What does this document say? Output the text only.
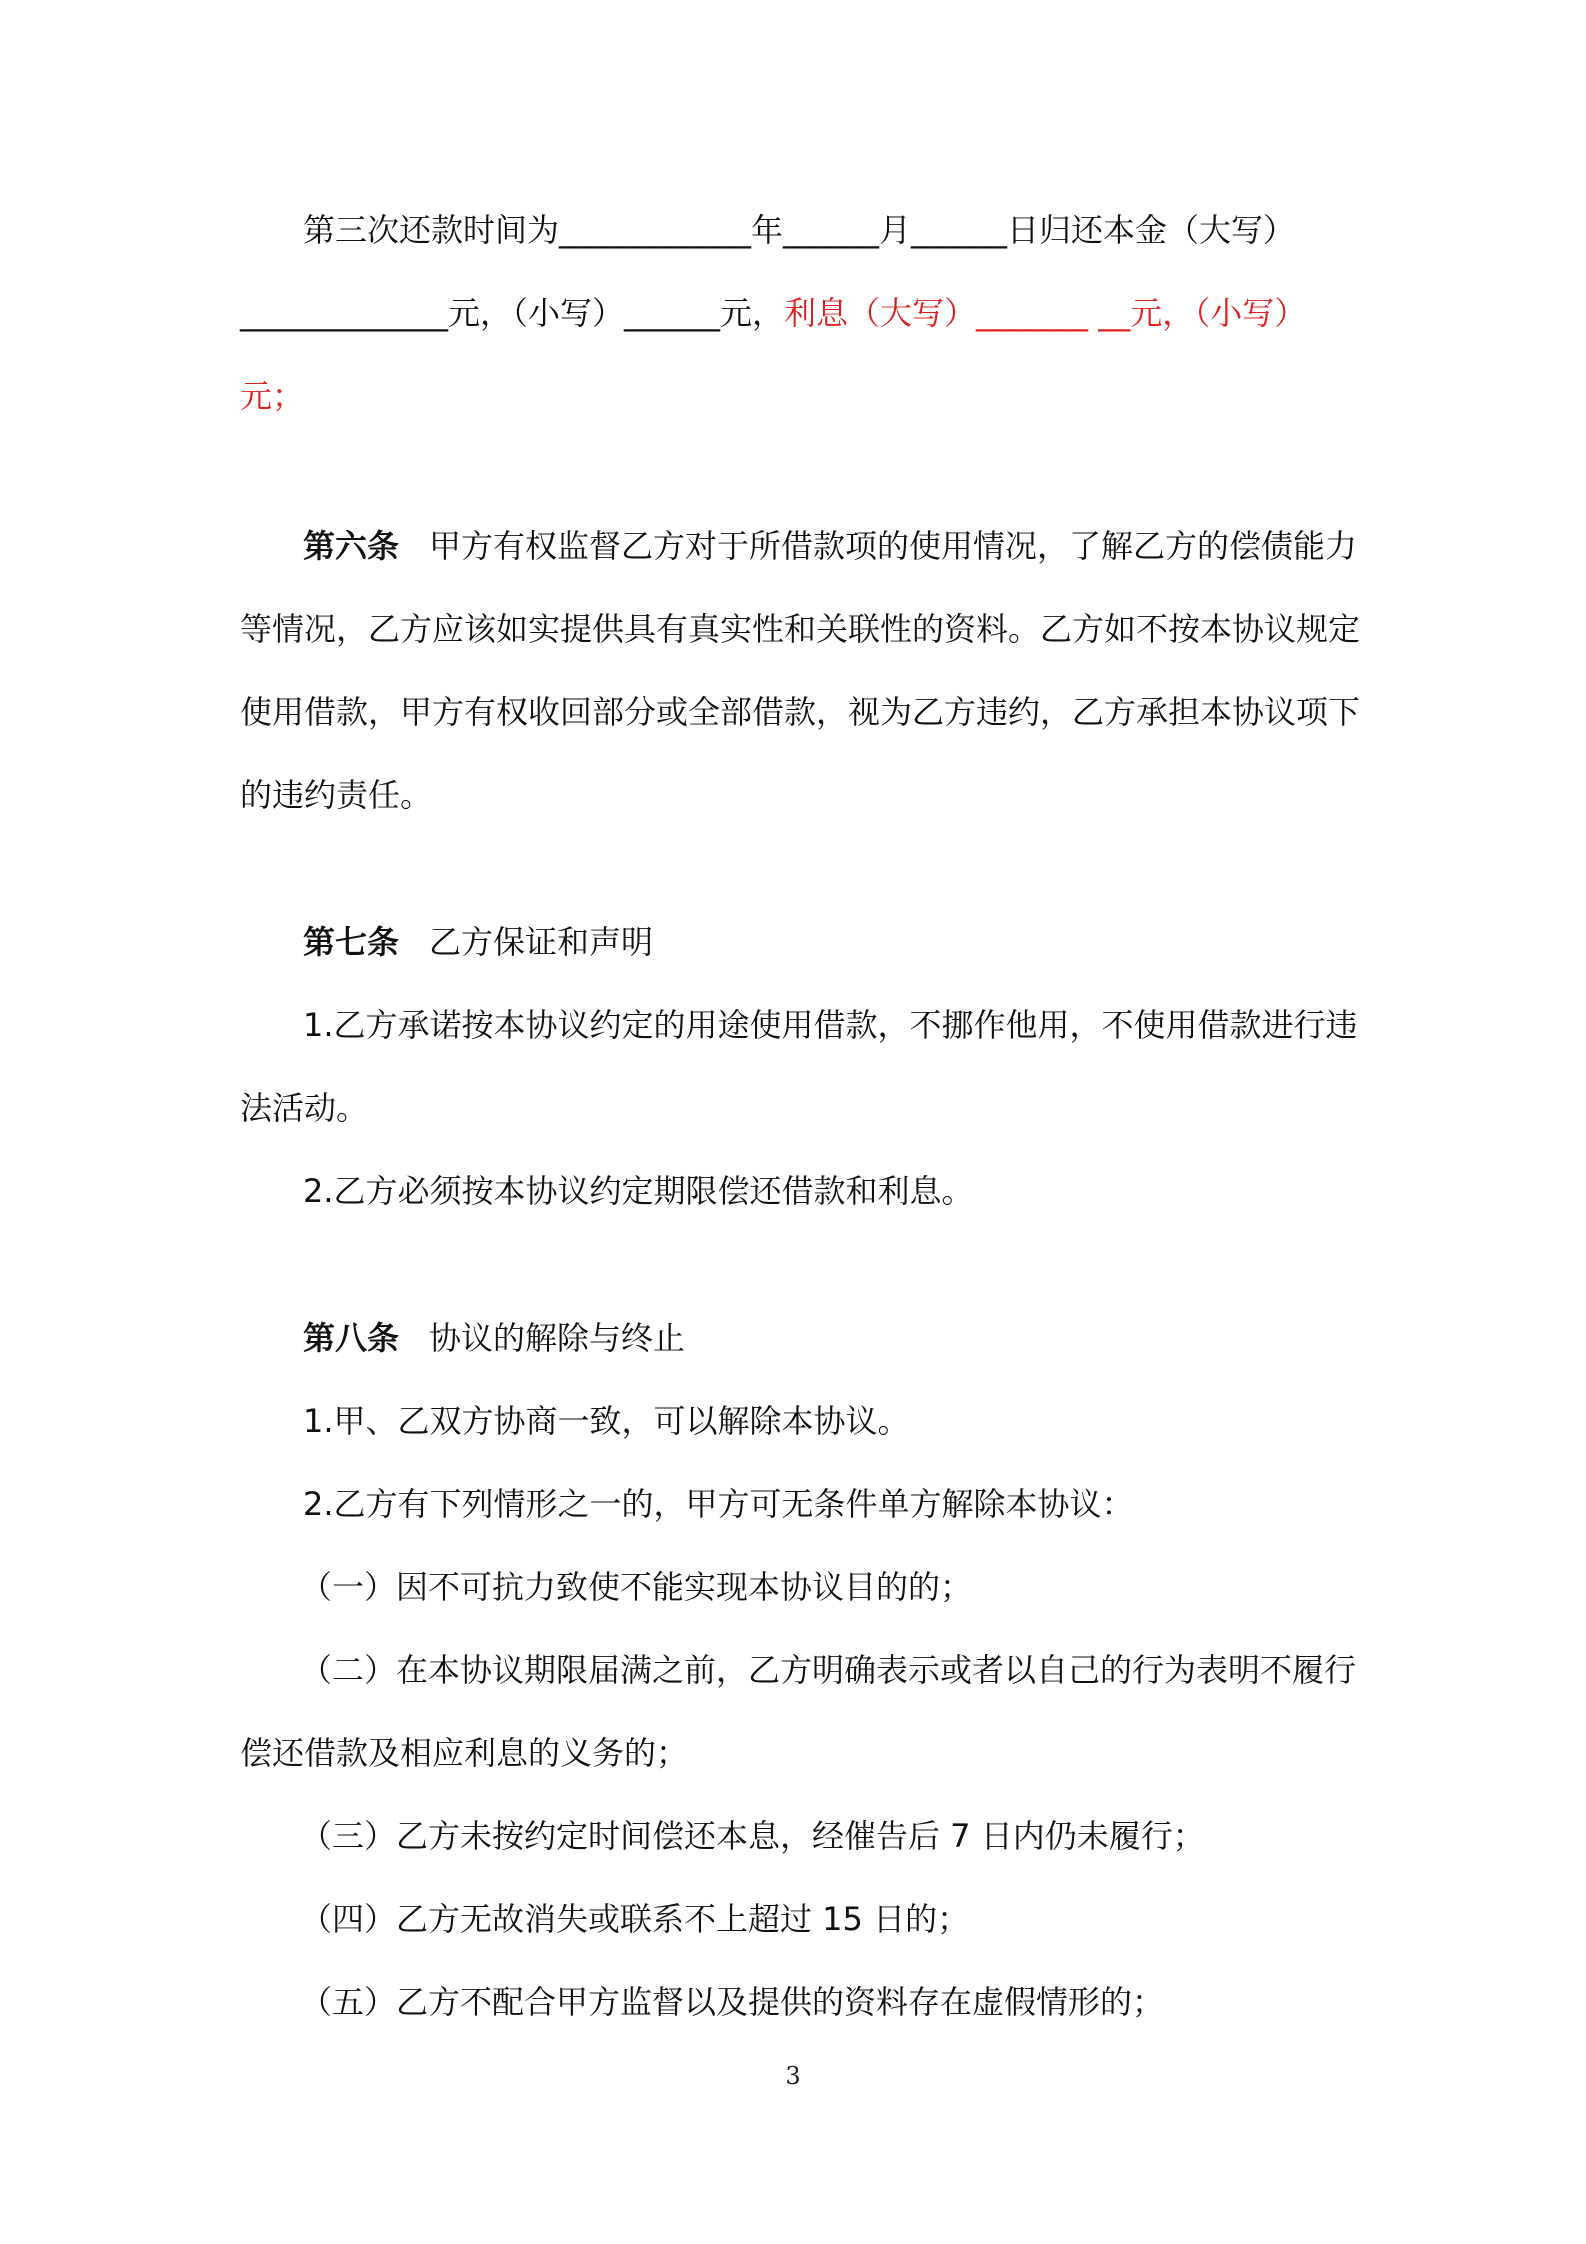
第三次还款时间为____________年______月______日归还本金（大写）
_____________元，（小写）______元，利息（大写）_______ __元，（小写）
元；
第六条 甲方有权监督乙方对于所借款项的使用情况，了解乙方的偿债能力
等情况，乙方应该如实提供具有真实性和关联性的资料。乙方如不按本协议规定
使用借款，甲方有权收回部分或全部借款，视为乙方违约，乙方承担本协议项下
的违约责任。
第七条 乙方保证和声明
1.乙方承诺按本协议约定的用途使用借款，不挪作他用，不使用借款进行违
法活动。
2.乙方必须按本协议约定期限偿还借款和利息。
第八条 协议的解除与终止
1.甲、乙双方协商一致，可以解除本协议。
2.乙方有下列情形之一的，甲方可无条件单方解除本协议：
（一）因不可抗力致使不能实现本协议目的的；
（二）在本协议期限届满之前，乙方明确表示或者以自己的行为表明不履行
偿还借款及相应利息的义务的；
（三）乙方未按约定时间偿还本息，经催告后 7 日内仍未履行；
（四）乙方无故消失或联系不上超过 15 日的；
（五）乙方不配合甲方监督以及提供的资料存在虚假情形的；
3
